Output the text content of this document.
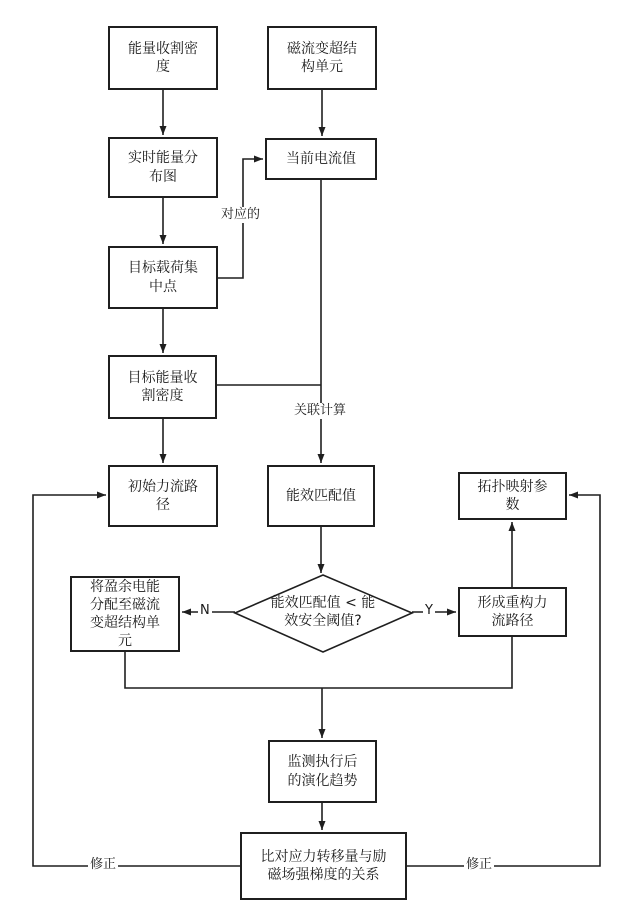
能量收割密度
磁流变超结构单元
实时能量分布图
当前电流值
目标载荷集中点
目标能量收割密度
初始力流路径
能效匹配值
拓扑映射参数
将盈余电能分配至磁流变超结构单元
能效匹配值 < 能效安全阈值?
形成重构力流路径
监测执行后的演化趋势
比对应力转移量与励磁场强梯度的关系
对应的
关联计算
N	Y
修正	修正
